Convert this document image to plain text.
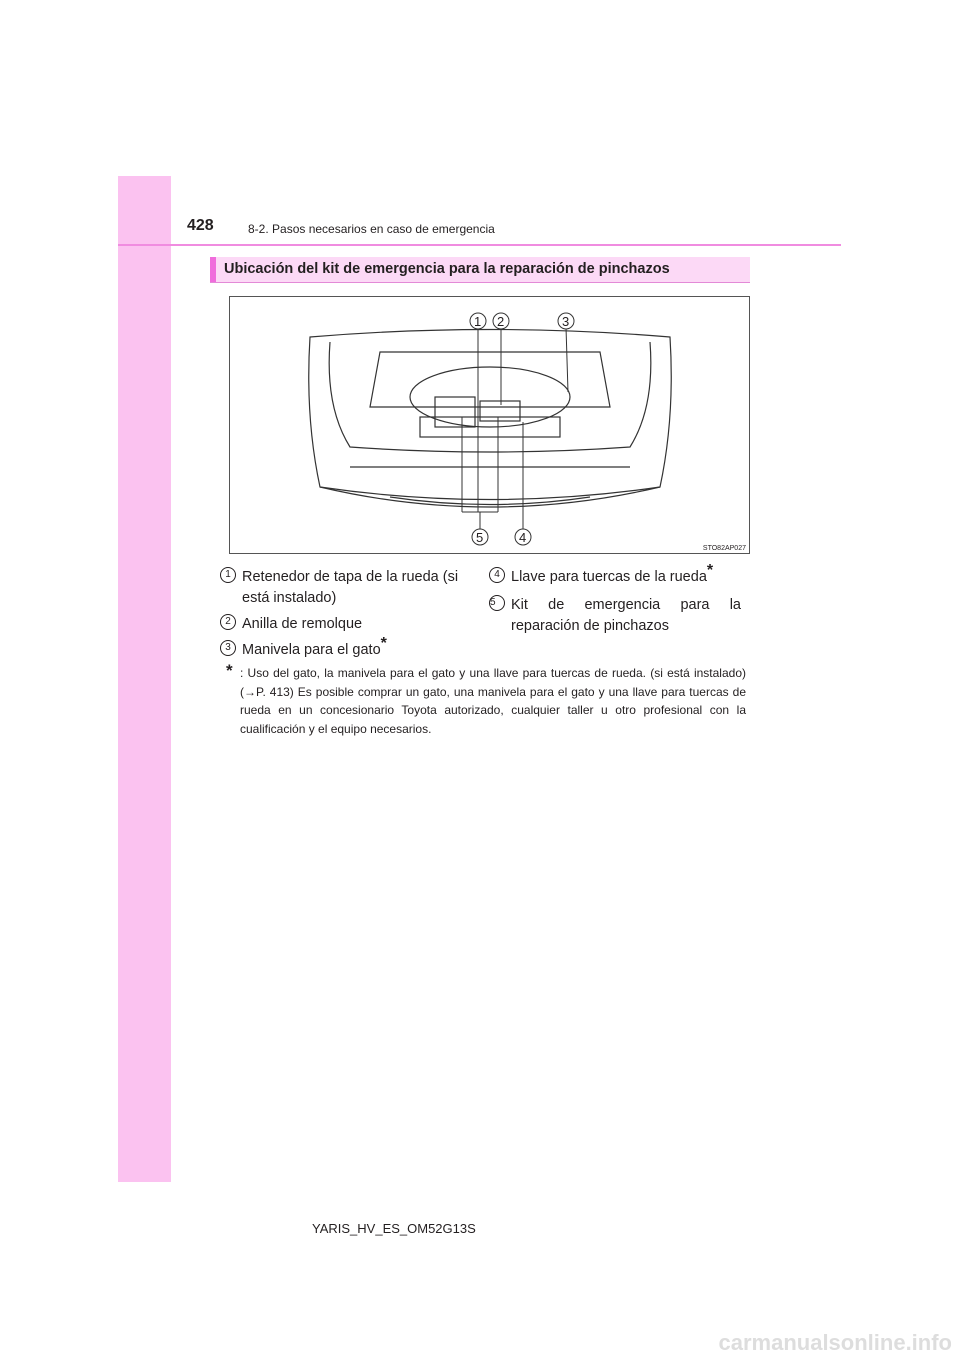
428	8-2. Pasos necesarios en caso de emergencia
Ubicación del kit de emergencia para la reparación de pinchazos
1 2	3
4
5
STO82AP027
1 Retenedor de tapa de la rueda (si está instalado)
2 Anilla de remolque
3 Manivela para el gato*
4 Llave para tuercas de la rueda*
5	Kit de emergencia para la reparación de pinchazos
* : Uso del gato, la manivela para el gato y una llave para tuercas de rueda. (si está instalado) (→P. 413) Es posible comprar un gato, una manivela para el gato y una llave para tuercas de rueda en un concesionario Toyota autorizado, cualquier taller u otro profesional con la cualificación y el equipo necesarios.
YARIS_HV_ES_OM52G13S
carmanualsonline.info
